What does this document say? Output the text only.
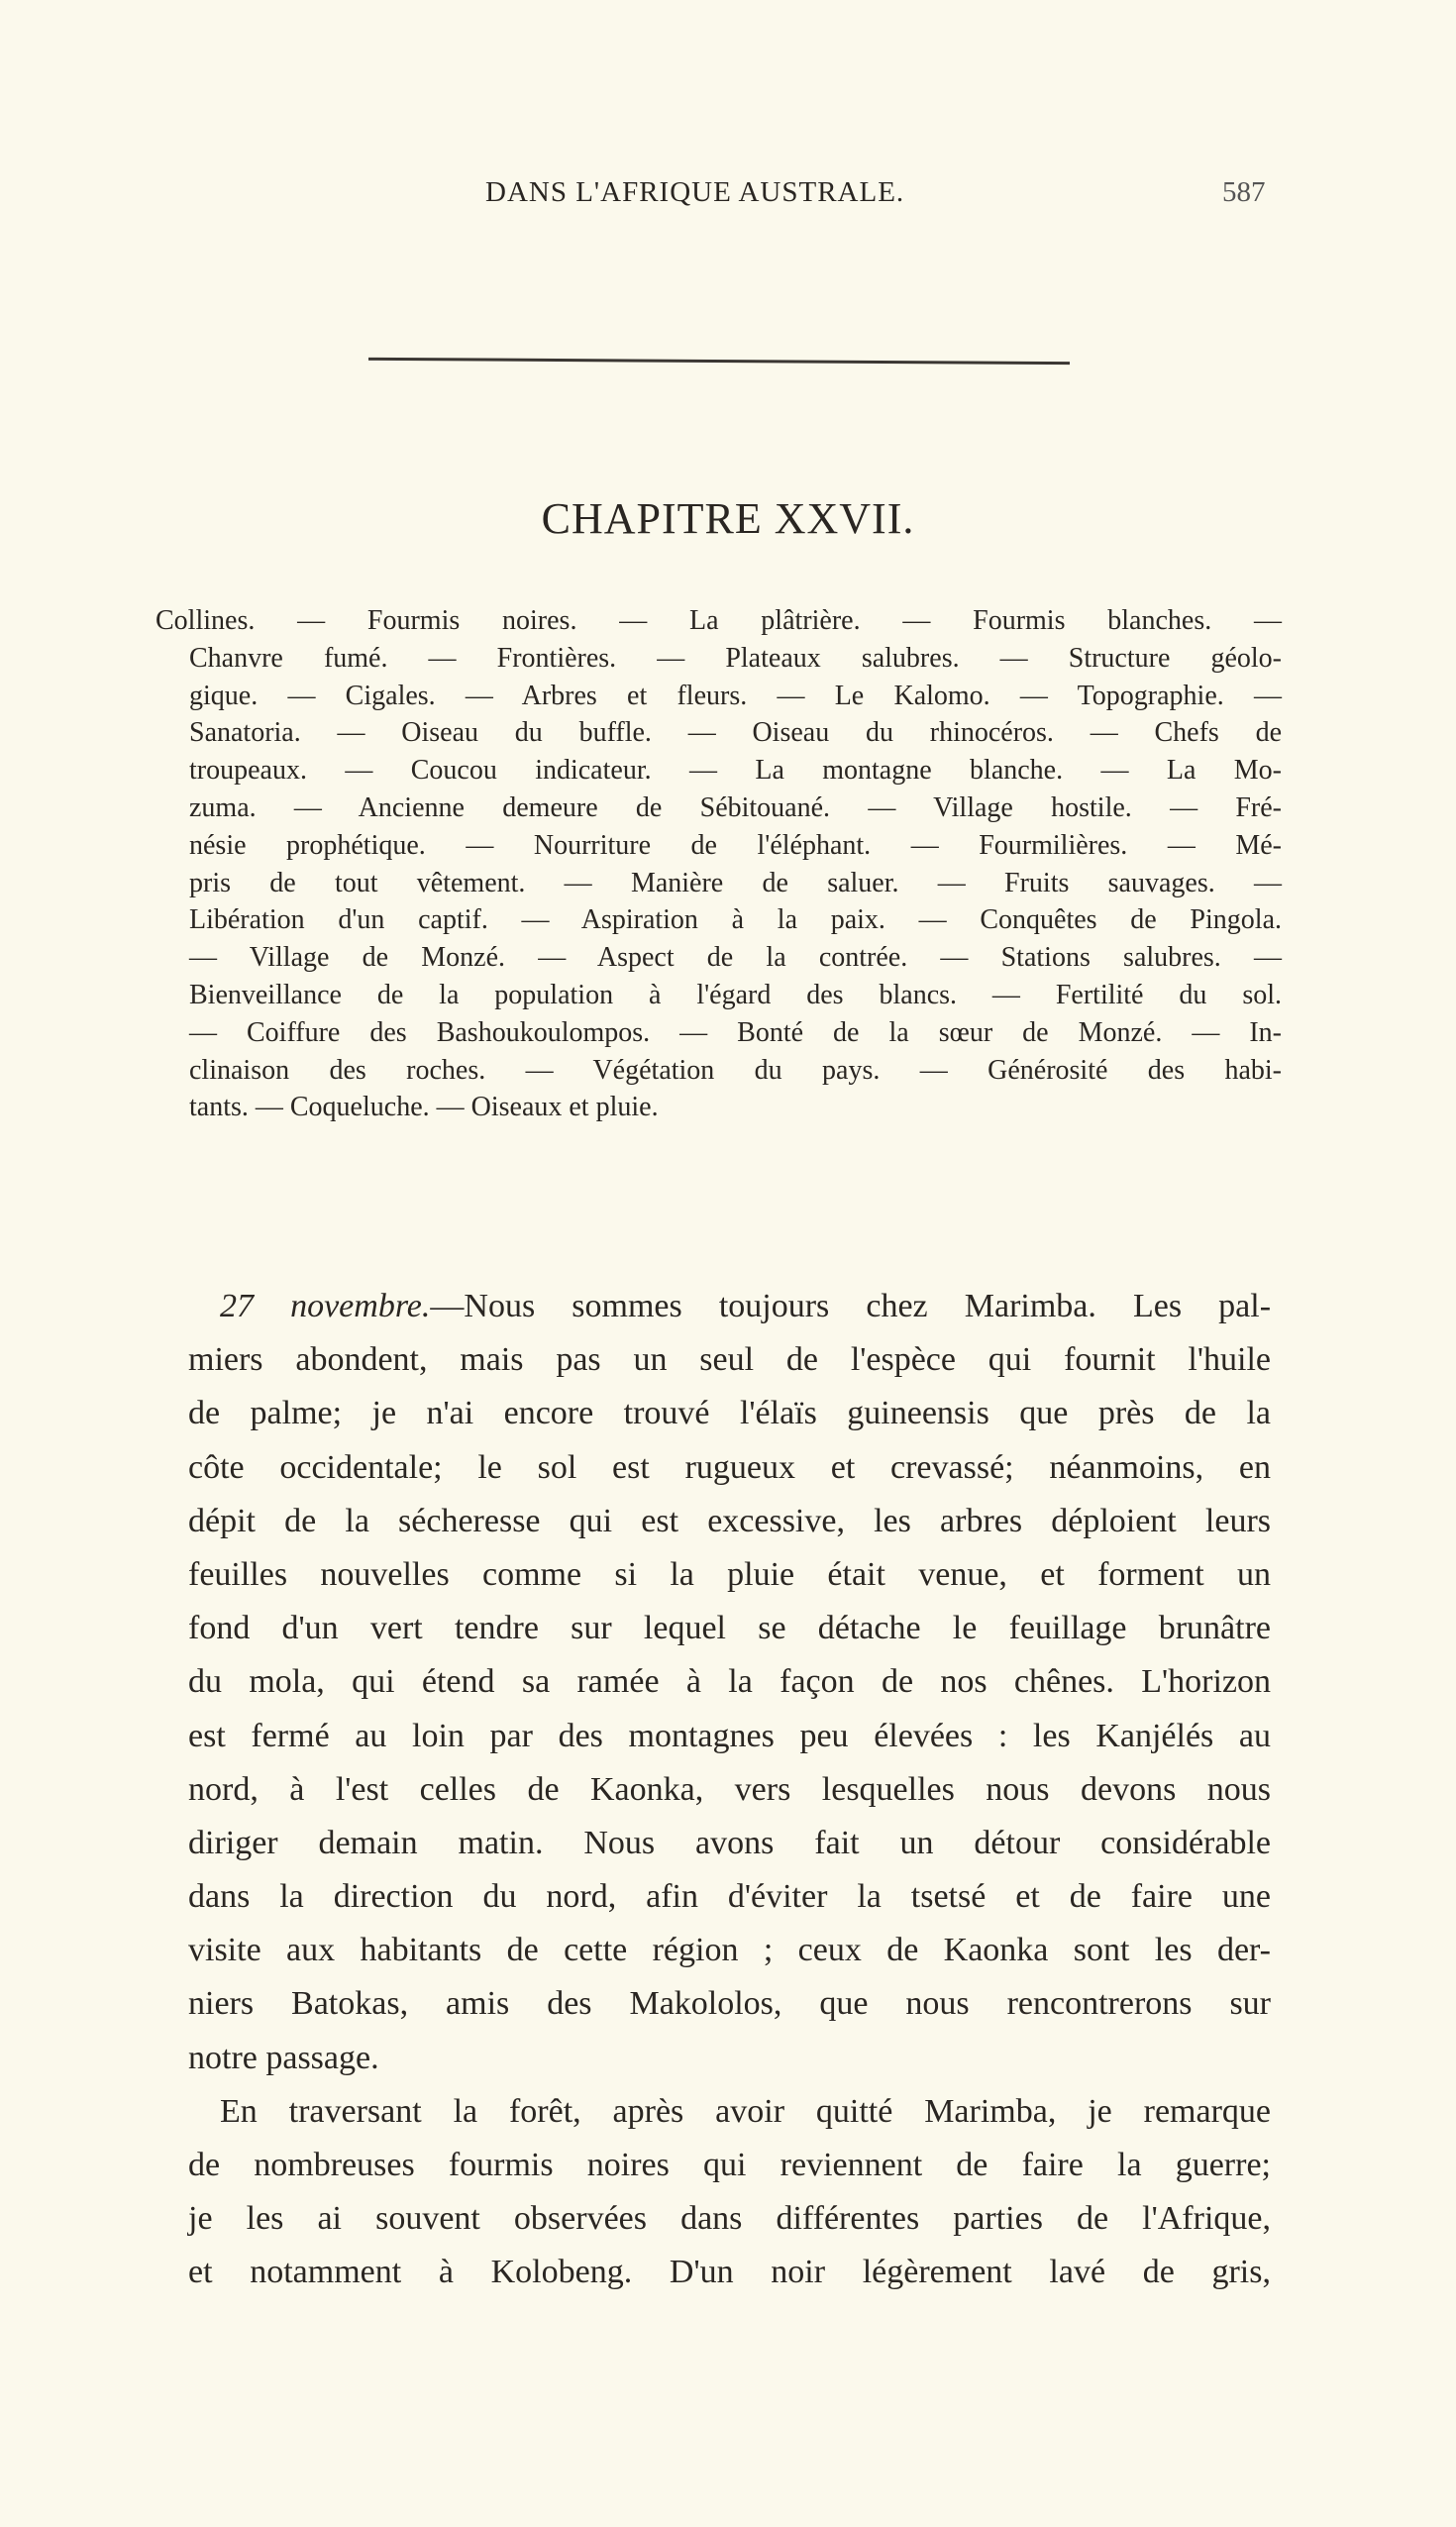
DANS L'AFRIQUE AUSTRALE.	587
CHAPITRE XXVII.
Collines. — Fourmis noires. — La plâtrière. — Fourmis blanches. —
Chanvre fumé. — Frontières. — Plateaux salubres. — Structure géolo-
gique. — Cigales. — Arbres et fleurs. — Le Kalomo. — Topographie. —
Sanatoria. — Oiseau du buffle. — Oiseau du rhinocéros. — Chefs de
troupeaux. — Coucou indicateur. — La montagne blanche. — La Mo-
zuma. — Ancienne demeure de Sébitouané. — Village hostile. — Fré-
nésie prophétique. — Nourriture de l'éléphant. — Fourmilières. — Mé-
pris de tout vêtement. — Manière de saluer. — Fruits sauvages. —
Libération d'un captif. — Aspiration à la paix. — Conquêtes de Pingola.
— Village de Monzé. — Aspect de la contrée. — Stations salubres. —
Bienveillance de la population à l'égard des blancs. — Fertilité du sol.
— Coiffure des Bashoukoulompos. — Bonté de la sœur de Monzé. — In-
clinaison des roches. — Végétation du pays. — Générosité des habi-
tants. — Coqueluche. — Oiseaux et pluie.
27 novembre.—Nous sommes toujours chez Marimba. Les pal-
miers abondent, mais pas un seul de l'espèce qui fournit l'huile
de palme; je n'ai encore trouvé l'élaïs guineensis que près de la
côte occidentale; le sol est rugueux et crevassé; néanmoins, en
dépit de la sécheresse qui est excessive, les arbres déploient leurs
feuilles nouvelles comme si la pluie était venue, et forment un
fond d'un vert tendre sur lequel se détache le feuillage brunâtre
du mola, qui étend sa ramée à la façon de nos chênes. L'horizon
est fermé au loin par des montagnes peu élevées : les Kanjélés au
nord, à l'est celles de Kaonka, vers lesquelles nous devons nous
diriger demain matin. Nous avons fait un détour considérable
dans la direction du nord, afin d'éviter la tsetsé et de faire une
visite aux habitants de cette région ; ceux de Kaonka sont les der-
niers Batokas, amis des Makololos, que nous rencontrerons sur
notre passage.
En traversant la forêt, après avoir quitté Marimba, je remarque
de nombreuses fourmis noires qui reviennent de faire la guerre;
je les ai souvent observées dans différentes parties de l'Afrique,
et notamment à Kolobeng. D'un noir légèrement lavé de gris,
